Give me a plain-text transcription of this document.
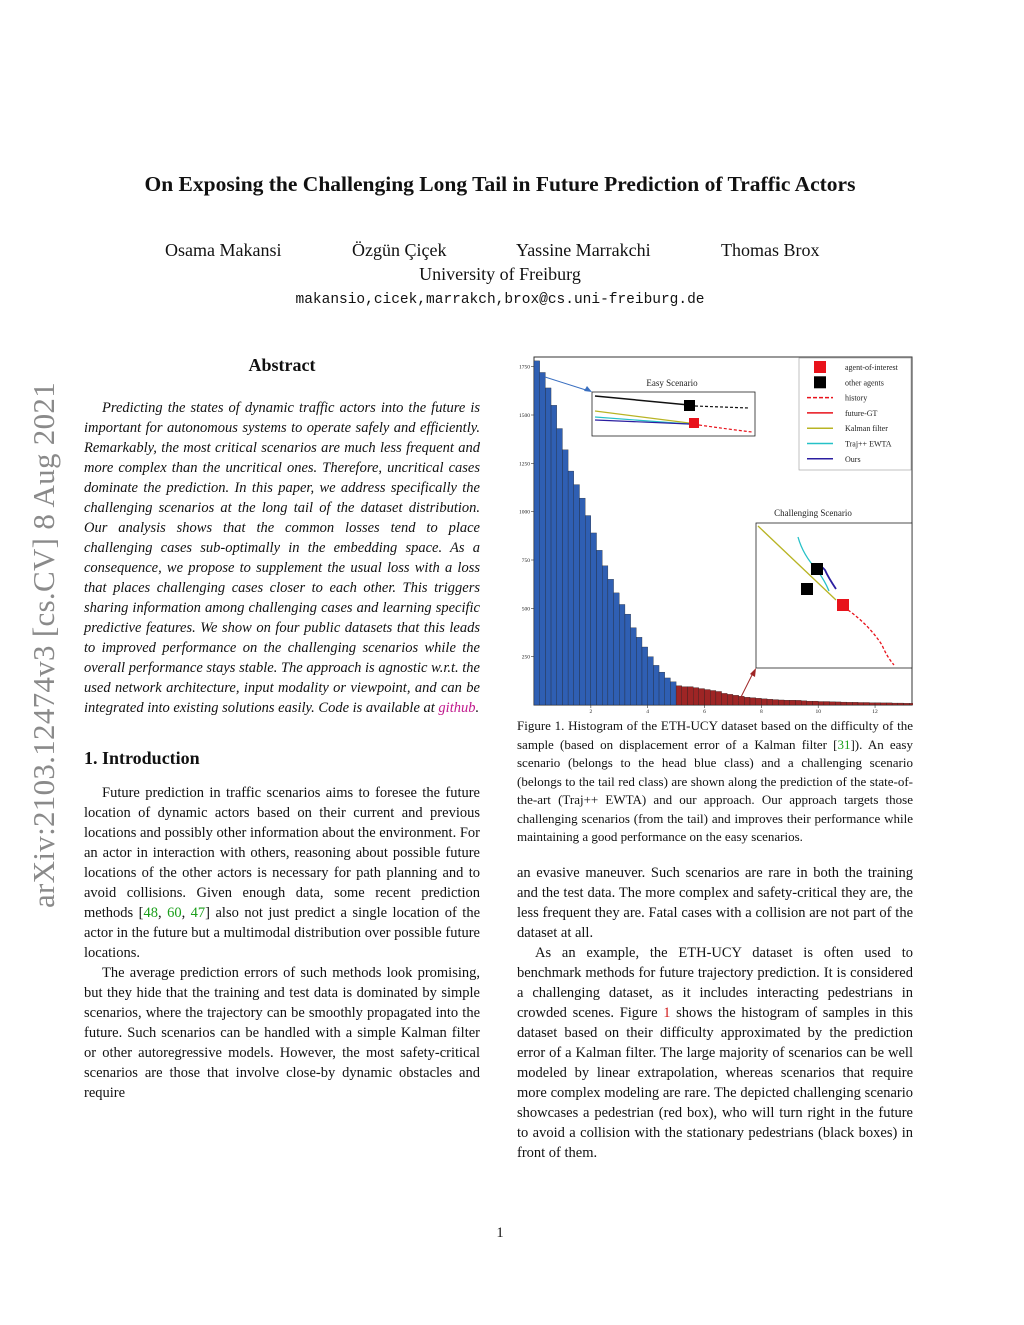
arXiv:2103.12474v3 [cs.CV] 8 Aug 2021
On Exposing the Challenging Long Tail in Future Prediction of Traffic Actors
Osama Makansi	Özgün Çiçek	Yassine Marrakchi	Thomas Brox
University of Freiburg
makansio,cicek,marrakch,brox@cs.uni-freiburg.de
Abstract

Predicting the states of dynamic traffic actors into the future is important for autonomous systems to operate safely and efficiently. Remarkably, the most critical scenarios are much less frequent and more complex than the uncritical ones. Therefore, uncritical cases dominate the prediction. In this paper, we address specifically the challenging scenarios at the long tail of the dataset distribution. Our analysis shows that the common losses tend to place challenging cases sub-optimally in the embedding space. As a consequence, we propose to supplement the usual loss with a loss that places challenging cases closer to each other. This triggers sharing information among challenging cases and learning specific predictive features. We show on four public datasets that this leads to improved performance on the challenging scenarios while the overall performance stays stable. The approach is agnostic w.r.t. the used network architecture, input modality or viewpoint, and can be integrated into existing solutions easily. Code is available at github.

1. Introduction

Future prediction in traffic scenarios aims to foresee the future location of dynamic actors based on their current and previous locations and possibly other information about the environment. For an actor in interaction with others, reasoning about possible future locations of the other actors is necessary for path planning and to avoid collisions. Given enough data, some recent prediction methods [48, 60, 47] also not just predict a single location of the actor in the future but a multimodal distribution over possible future locations.

The average prediction errors of such methods look promising, but they hide that the training and test data is dominated by simple scenarios, where the trajectory can be smoothly propagated into the future. Such scenarios can be handled with a simple Kalman filter or other autoregressive models. However, the most safety-critical scenarios are those that involve close-by dynamic obstacles and require

250
500
750
1000
1250
1500
1750
2	4	6	8	10	12
agent-of-interest
other agents
history
future-GT
Kalman filter
Traj++ EWTA
Ours
Easy Scenario
Challenging Scenario

Figure 1. Histogram of the ETH-UCY dataset based on the difficulty of the sample (based on displacement error of a Kalman filter [31]). An easy scenario (belongs to the head blue class) and a challenging scenario (belongs to the tail red class) are shown along the prediction of the state-of-the-art (Traj++ EWTA) and our approach. Our approach targets those challenging scenarios (from the tail) and improves their performance while maintaining a good performance on the easy scenarios.

an evasive maneuver. Such scenarios are rare in both the training and the test data. The more complex and safety-critical they are, the less frequent they are. Fatal cases with a collision are not part of the dataset at all.

As an example, the ETH-UCY dataset is often used to benchmark methods for future trajectory prediction. It is considered a challenging dataset, as it includes interacting pedestrians in crowded scenes. Figure 1 shows the histogram of samples in this dataset based on their difficulty approximated by the prediction error of a Kalman filter. The large majority of scenarios can be well modeled by linear extrapolation, whereas scenarios that require more complex modeling are rare. The depicted challenging scenario showcases a pedestrian (red box), who will turn right in the future to avoid a collision with the stationary pedestrians (black boxes) in front of them.

1
